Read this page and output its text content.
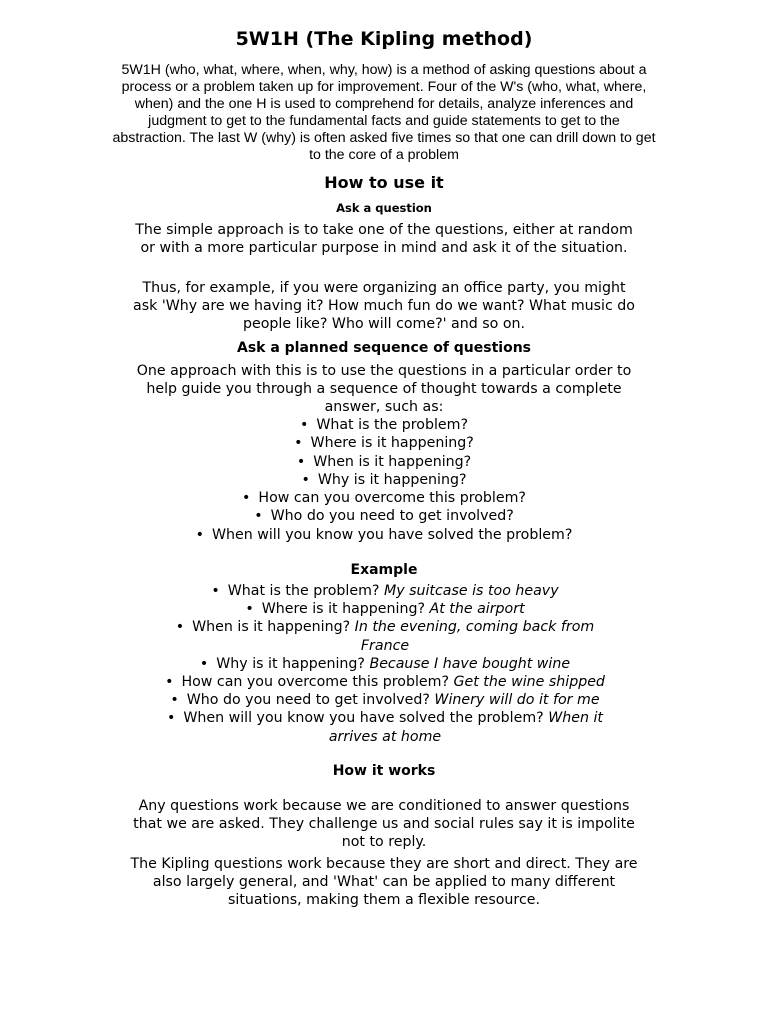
5W1H (The Kipling method)

5W1H (who, what, where, when, why, how) is a method of asking questions about a process or a problem taken up for improvement. Four of the W's (who, what, where, when) and the one H is used to comprehend for details, analyze inferences and judgment to get to the fundamental facts and guide statements to get to the abstraction. The last W (why) is often asked five times so that one can drill down to get to the core of a problem

How to use it
Ask a question

The simple approach is to take one of the questions, either at random or with a more particular purpose in mind and ask it of the situation.

Thus, for example, if you were organizing an office party, you might ask 'Why are we having it? How much fun do we want? What music do people like? Who will come?' and so on.

Ask a planned sequence of questions

One approach with this is to use the questions in a particular order to help guide you through a sequence of thought towards a complete answer, such as:

• What is the problem?
• Where is it happening?
• When is it happening?
• Why is it happening?
• How can you overcome this problem?
• Who do you need to get involved?
• When will you know you have solved the problem?
Example
• What is the problem? My suitcase is too heavy
• Where is it happening? At the airport
• When is it happening? In the evening, coming back from France
• Why is it happening? Because I have bought wine
• How can you overcome this problem? Get the wine shipped
• Who do you need to get involved? Winery will do it for me
• When will you know you have solved the problem? When it arrives at home
How it works

Any questions work because we are conditioned to answer questions that we are asked. They challenge us and social rules say it is impolite not to reply.

The Kipling questions work because they are short and direct. They are also largely general, and 'What' can be applied to many different situations, making them a flexible resource.
